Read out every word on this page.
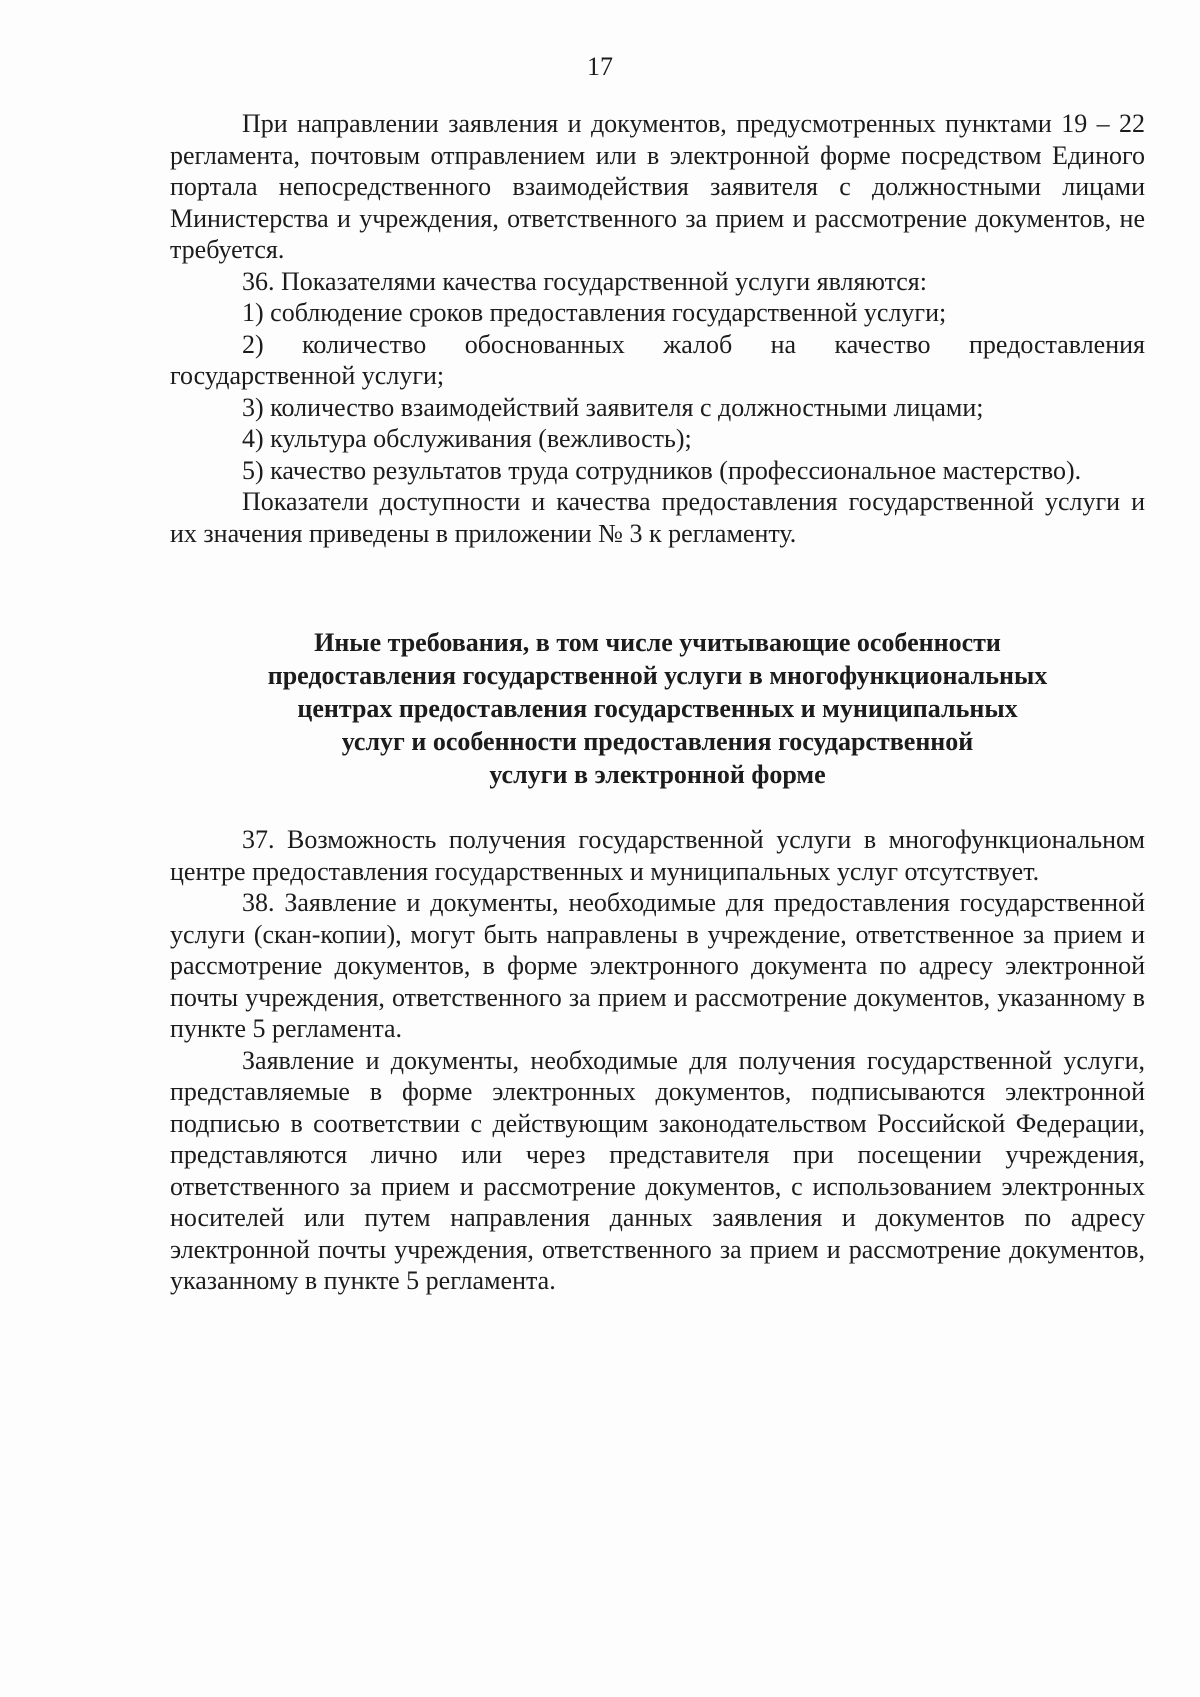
17

При направлении заявления и документов, предусмотренных пунктами 19 – 22 регламента, почтовым отправлением или в электронной форме посредством Единого портала непосредственного взаимодействия заявителя с должностными лицами Министерства и учреждения, ответственного за прием и рассмотрение документов, не требуется.

36. Показателями качества государственной услуги являются:

1) соблюдение сроков предоставления государственной услуги;

2) количество обоснованных жалоб на качество предоставления государственной услуги;

3) количество взаимодействий заявителя с должностными лицами;

4) культура обслуживания (вежливость);

5) качество результатов труда сотрудников (профессиональное мастерство).

Показатели доступности и качества предоставления государственной услуги и их значения приведены в приложении № 3 к регламенту.

Иные требования, в том числе учитывающие особенности
предоставления государственной услуги в многофункциональных
центрах предоставления государственных и муниципальных
услуг и особенности предоставления государственной
услуги в электронной форме

37. Возможность получения государственной услуги в многофункциональном центре предоставления государственных и муниципальных услуг отсутствует.

38. Заявление и документы, необходимые для предоставления государственной услуги (скан-копии), могут быть направлены в учреждение, ответственное за прием и рассмотрение документов, в форме электронного документа по адресу электронной почты учреждения, ответственного за прием и рассмотрение документов, указанному в пункте 5 регламента.

Заявление и документы, необходимые для получения государственной услуги, представляемые в форме электронных документов, подписываются электронной подписью в соответствии с действующим законодательством Российской Федерации, представляются лично или через представителя при посещении учреждения, ответственного за прием и рассмотрение документов, с использованием электронных носителей или путем направления данных заявления и документов по адресу электронной почты учреждения, ответственного за прием и рассмотрение документов, указанному в пункте 5 регламента.
